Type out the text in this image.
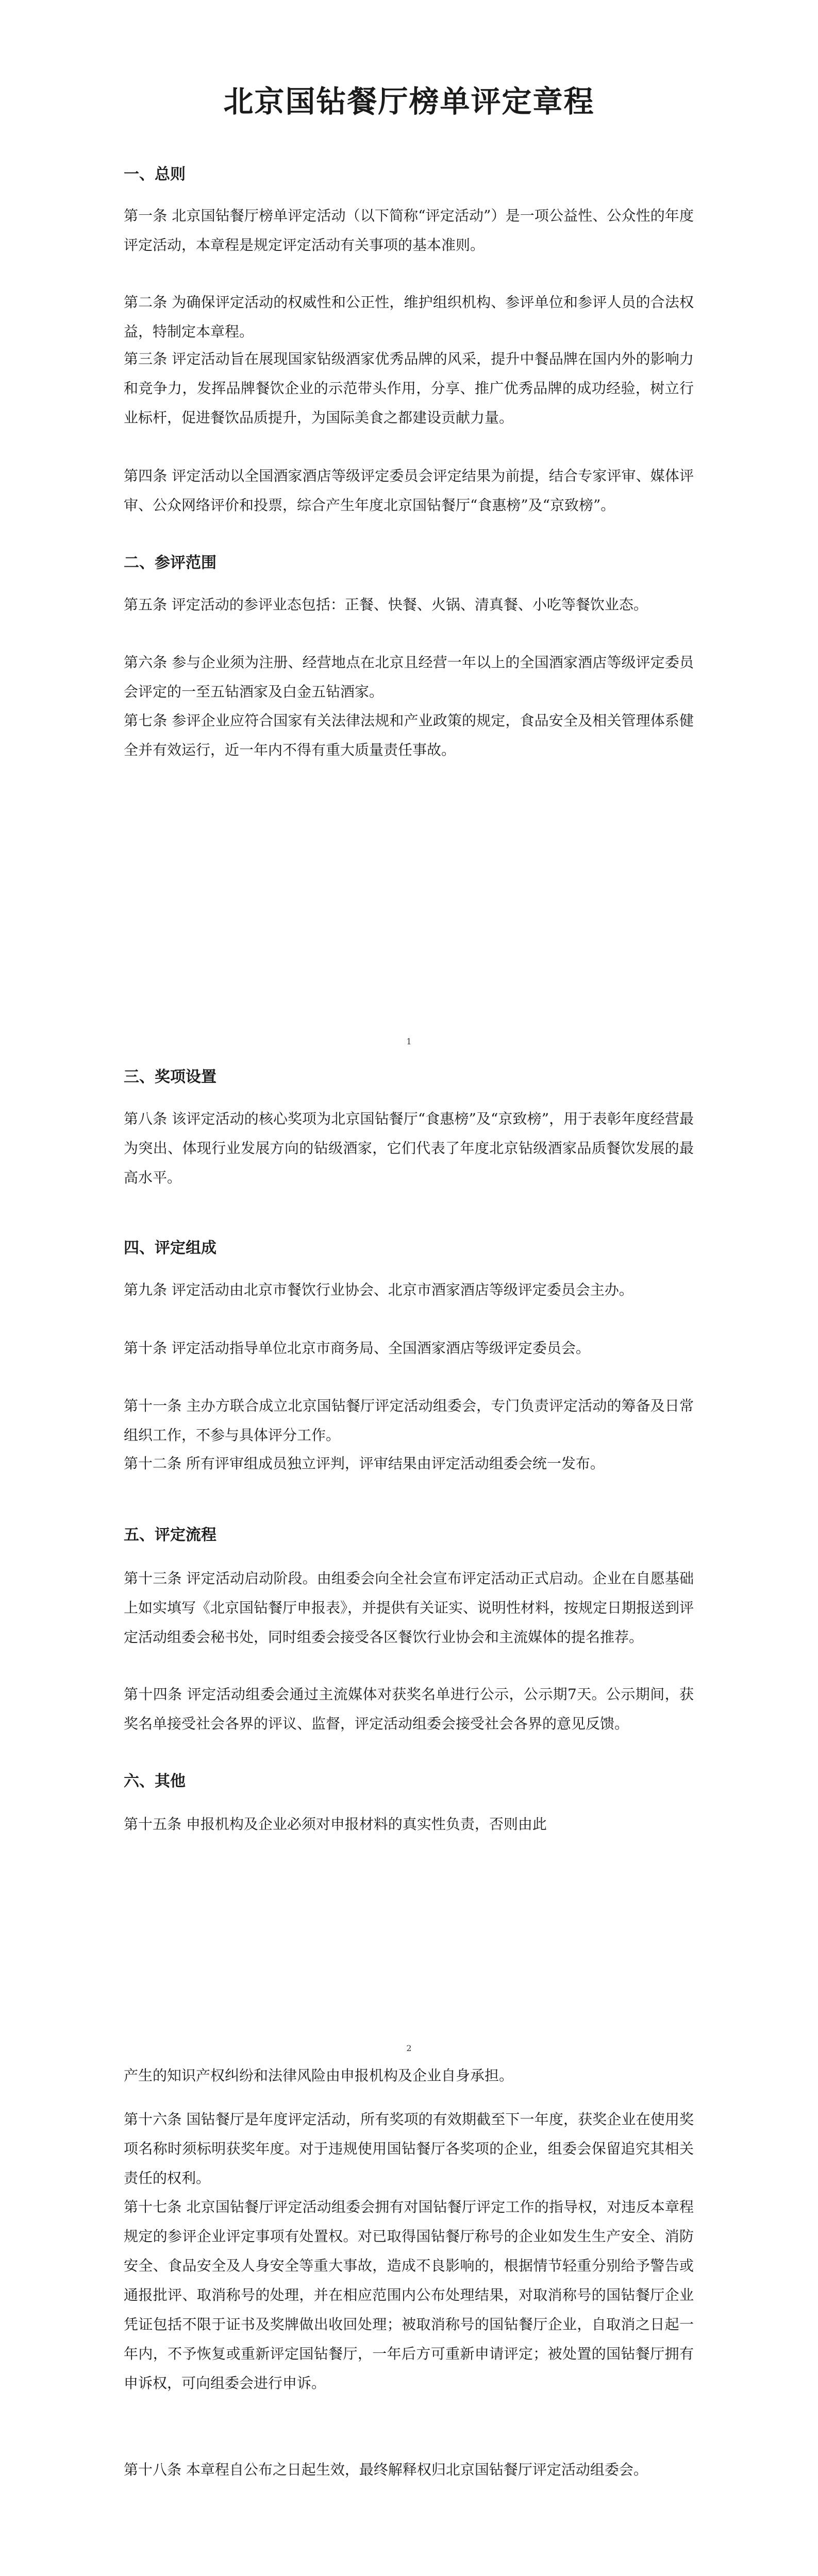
北京国钻餐厅榜单评定章程
一、总则

第一条 北京国钻餐厅榜单评定活动（以下简称“评定活动”）是一项公益性、公众性的年度评定活动，本章程是规定评定活动有关事项的基本准则。

第二条 为确保评定活动的权威性和公正性，维护组织机构、参评单位和参评人员的合法权益，特制定本章程。

第三条 评定活动旨在展现国家钻级酒家优秀品牌的风采，提升中餐品牌在国内外的影响力和竞争力，发挥品牌餐饮企业的示范带头作用，分享、推广优秀品牌的成功经验，树立行业标杆，促进餐饮品质提升，为国际美食之都建设贡献力量。

第四条 评定活动以全国酒家酒店等级评定委员会评定结果为前提，结合专家评审、媒体评审、公众网络评价和投票，综合产生年度北京国钻餐厅“食惠榜”及“京致榜”。

二、参评范围

第五条 评定活动的参评业态包括：正餐、快餐、火锅、清真餐、小吃等餐饮业态。

第六条 参与企业须为注册、经营地点在北京且经营一年以上的全国酒家酒店等级评定委员会评定的一至五钻酒家及白金五钻酒家。

第七条 参评企业应符合国家有关法律法规和产业政策的规定，食品安全及相关管理体系健全并有效运行，近一年内不得有重大质量责任事故。

1
三、奖项设置

第八条 该评定活动的核心奖项为北京国钻餐厅“食惠榜”及“京致榜”，用于表彰年度经营最为突出、体现行业发展方向的钻级酒家，它们代表了年度北京钻级酒家品质餐饮发展的最高水平。

四、评定组成

第九条 评定活动由北京市餐饮行业协会、北京市酒家酒店等级评定委员会主办。

第十条 评定活动指导单位北京市商务局、全国酒家酒店等级评定委员会。

第十一条 主办方联合成立北京国钻餐厅评定活动组委会，专门负责评定活动的筹备及日常组织工作，不参与具体评分工作。

第十二条 所有评审组成员独立评判，评审结果由评定活动组委会统一发布。

五、评定流程

第十三条 评定活动启动阶段。由组委会向全社会宣布评定活动正式启动。企业在自愿基础上如实填写《北京国钻餐厅申报表》，并提供有关证实、说明性材料，按规定日期报送到评定活动组委会秘书处，同时组委会接受各区餐饮行业协会和主流媒体的提名推荐。

第十四条 评定活动组委会通过主流媒体对获奖名单进行公示，公示期7天。公示期间，获奖名单接受社会各界的评议、监督，评定活动组委会接受社会各界的意见反馈。

六、其他

第十五条 申报机构及企业必须对申报材料的真实性负责，否则由此

2

产生的知识产权纠纷和法律风险由申报机构及企业自身承担。

第十六条 国钻餐厅是年度评定活动，所有奖项的有效期截至下一年度，获奖企业在使用奖项名称时须标明获奖年度。对于违规使用国钻餐厅各奖项的企业，组委会保留追究其相关责任的权利。

第十七条 北京国钻餐厅评定活动组委会拥有对国钻餐厅评定工作的指导权，对违反本章程规定的参评企业评定事项有处置权。对已取得国钻餐厅称号的企业如发生生产安全、消防安全、食品安全及人身安全等重大事故，造成不良影响的，根据情节轻重分别给予警告或通报批评、取消称号的处理，并在相应范围内公布处理结果，对取消称号的国钻餐厅企业凭证包括不限于证书及奖牌做出收回处理；被取消称号的国钻餐厅企业，自取消之日起一年内，不予恢复或重新评定国钻餐厅，一年后方可重新申请评定；被处置的国钻餐厅拥有申诉权，可向组委会进行申诉。

第十八条 本章程自公布之日起生效，最终解释权归北京国钻餐厅评定活动组委会。
